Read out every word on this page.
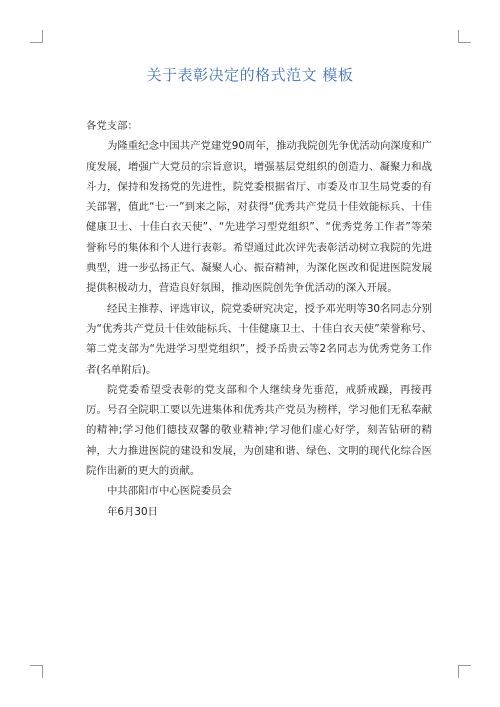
关于表彰决定的格式范文 模板

各党支部：

为隆重纪念中国共产党建党90周年，推动我院创先争优活动向深度和广度发展，增强广大党员的宗旨意识，增强基层党组织的创造力、凝聚力和战斗力，保持和发扬党的先进性，院党委根据省厅、市委及市卫生局党委的有关部署，值此“七·一”到来之际，对获得“优秀共产党员十佳效能标兵、十佳健康卫士、十佳白衣天使”、“先进学习型党组织”、“优秀党务工作者”等荣誉称号的集体和个人进行表彰。希望通过此次评先表彰活动树立我院的先进典型，进一步弘扬正气、凝聚人心、振奋精神，为深化医改和促进医院发展提供积极动力，营造良好氛围，推动医院创先争优活动的深入开展。

经民主推荐、评选审议，院党委研究决定，授予邓光明等30名同志分别为“优秀共产党员十佳效能标兵、十佳健康卫士、十佳白衣天使”荣誉称号、第二党支部为“先进学习型党组织”，授予岳贵云等2名同志为优秀党务工作者(名单附后)。

院党委希望受表彰的党支部和个人继续身先垂范，戒骄戒躁，再接再厉。号召全院职工要以先进集体和优秀共产党员为榜样，学习他们无私奉献的精神;学习他们德技双馨的敬业精神;学习他们虚心好学，刻苦钻研的精神，大力推进医院的建设和发展，为创建和谐、绿色、文明的现代化综合医院作出新的更大的贡献。

中共邵阳市中心医院委员会

年6月30日
